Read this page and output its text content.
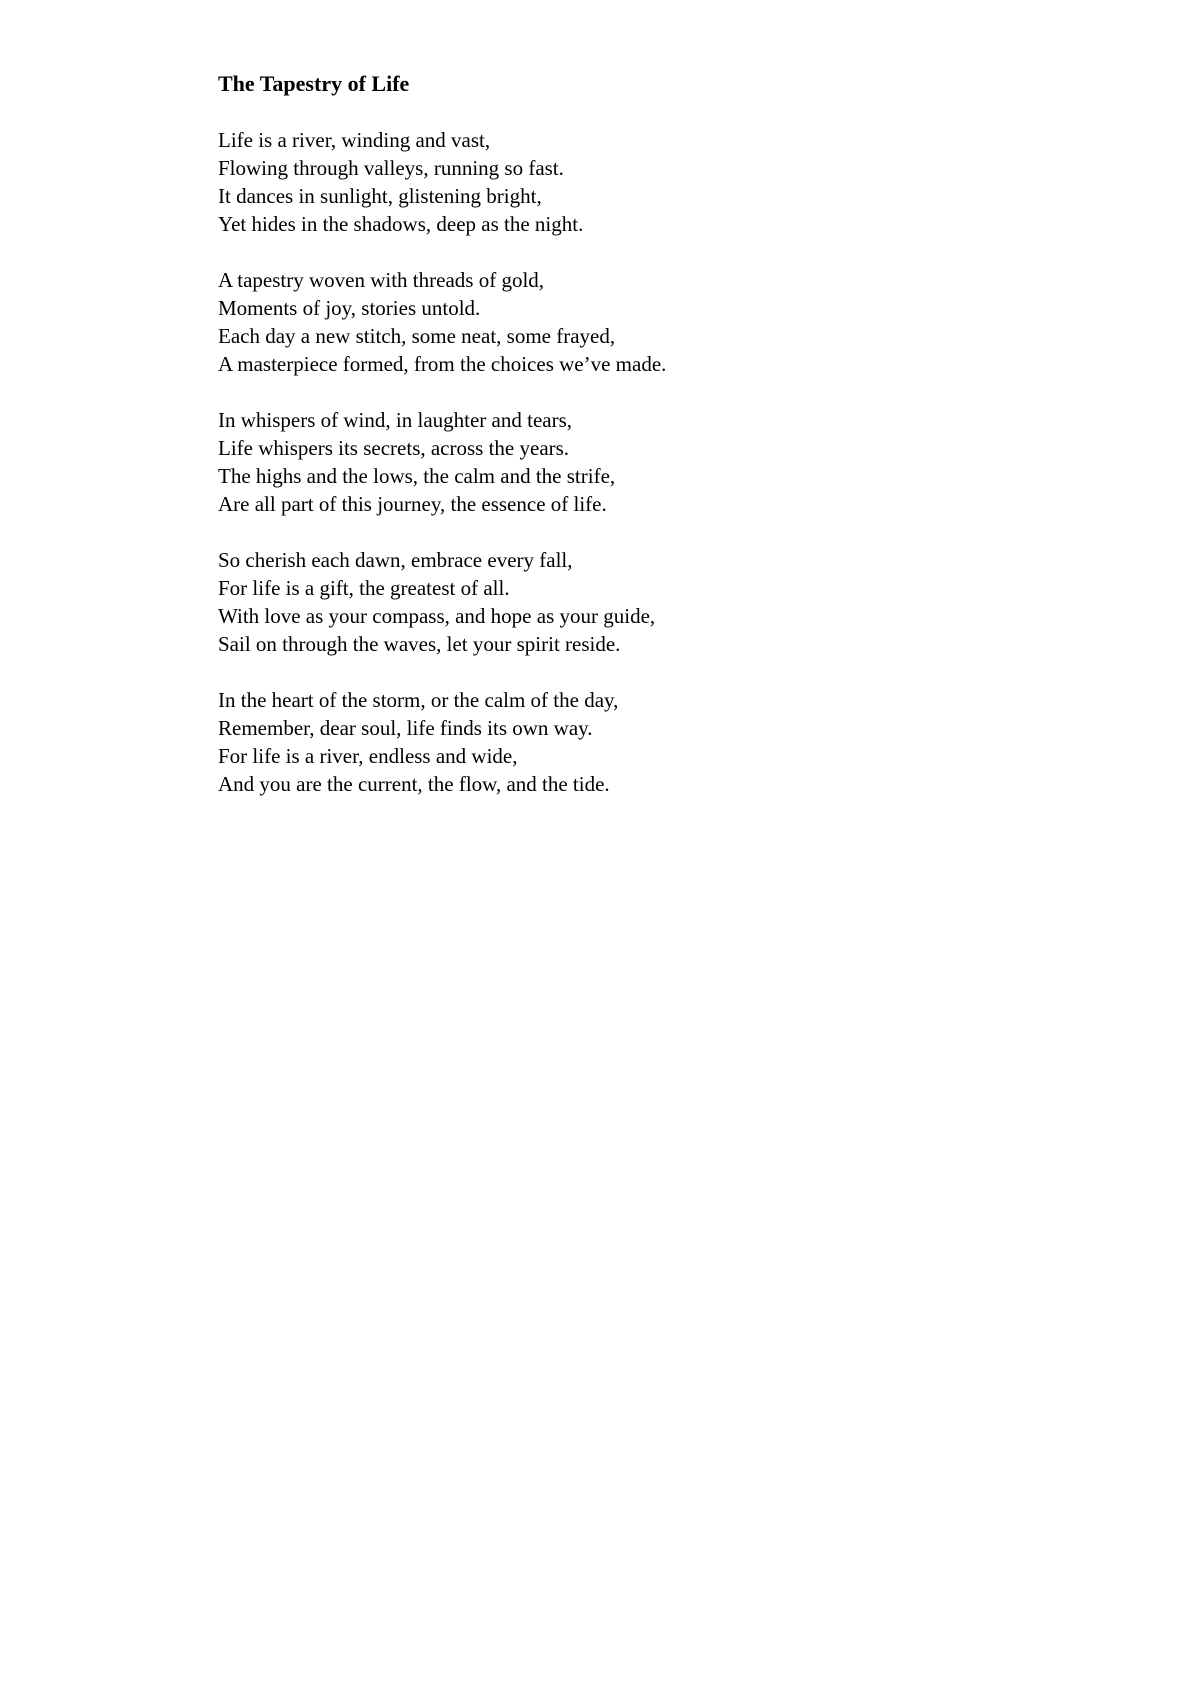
The Tapestry of Life
Life is a river, winding and vast,
Flowing through valleys, running so fast.
It dances in sunlight, glistening bright,
Yet hides in the shadows, deep as the night.
A tapestry woven with threads of gold,
Moments of joy, stories untold.
Each day a new stitch, some neat, some frayed,
A masterpiece formed, from the choices we’ve made.
In whispers of wind, in laughter and tears,
Life whispers its secrets, across the years.
The highs and the lows, the calm and the strife,
Are all part of this journey, the essence of life.
So cherish each dawn, embrace every fall,
For life is a gift, the greatest of all.
With love as your compass, and hope as your guide,
Sail on through the waves, let your spirit reside.
In the heart of the storm, or the calm of the day,
Remember, dear soul, life finds its own way.
For life is a river, endless and wide,
And you are the current, the flow, and the tide.
